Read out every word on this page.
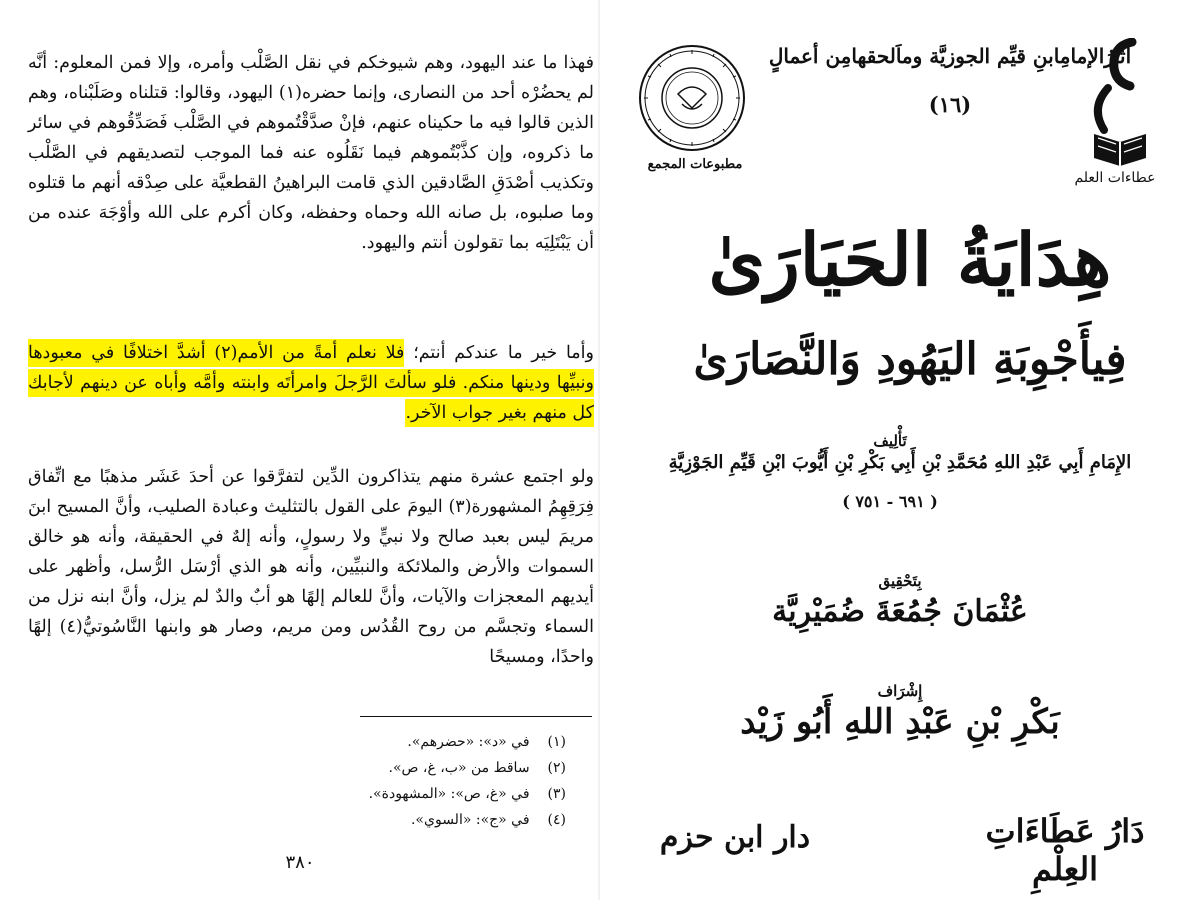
فهذا ما عند اليهود، وهم شيوخكم في نقل الصَّلْب وأمره، وإلا فمن المعلوم: أنَّه لم يحضُرْه أحد من النصارى، وإنما حضره(١) اليهود، وقالوا: قتلناه وصَلَبْناه، وهم الذين قالوا فيه ما حكيناه عنهم، فإنْ صدَّقْتُموهم في الصَّلْب فَصَدِّقُوهم في سائر ما ذكروه، وإن كذَّبْتُموهم فيما نَقَلُوه عنه فما الموجب لتصديقهم في الصَّلْب وتكذيب أصْدَقِ الصَّادقين الذي قامت البراهينُ القطعيَّة على صِدْقه أنهم ما قتلوه وما صلبوه، بل صانه الله وحماه وحفظه، وكان أكرم على الله وأوْجَهَ عنده من أن يَبْتَلِيَه بما تقولون أنتم واليهود.
وأما خير ما عندكم أنتم؛ فلا نعلم أمةً من الأمم(٢) أشدَّ اختلافًا في معبودها ونبيِّها ودينها منكم. فلو سألتَ الرَّجلَ وامرأتَه وابنته وأمَّه وأباه عن دينهم لأجابك كل منهم بغير جواب الآخر.
ولو اجتمع عشرة منهم يتذاكرون الدِّين لتفرَّقوا عن أحدَ عَشَر مذهبًا مع اتِّفاق فِرَقِهِمُ المشهورة(٣) اليومَ على القول بالتثليث وعبادة الصليب، وأنَّ المسيح ابنَ مريمَ ليس بعبد صالح ولا نبيٍّ ولا رسولٍ، وأنه إلهٌ في الحقيقة، وأنه هو خالق السموات والأرض والملائكة والنبيِّين، وأنه هو الذي أرْسَل الرُّسل، وأظهر على أيديهم المعجزات والآيات، وأنَّ للعالم إلهًا هو أبٌ والدٌ لم يزل، وأنَّ ابنه نزل من السماء وتجسَّم من روح القُدُس ومن مريم، وصار هو وابنها النَّاسُوتيُّ(٤) إلهًا واحدًا، ومسيحًا
(١) في «د»: «حضرهم».
(٢) ساقط من «ب، غ، ص».
(٣) في «غ، ص»: «المشهودة».
(٤) في «ج»: «السوي».
٣٨٠
مطبوعات المجمع
آثارُالإمامِابنِ قيِّم الجوزيَّة وماَلحقهامِن أعمالٍ
(١٦)
عطاءات العلم
هِدَايَةُ الحَيَارَىٰ
فِيأَجْوِبَةِ اليَهُودِ وَالنَّصَارَىٰ
تَأْلِيف
الإِمَامِ أَبِي عَبْدِ اللهِ مُحَمَّدِ بْنِ أَبِي بَكْرِ بْنِ أَيُّوبَ ابْنِ قَيِّمِ الجَوْزِيَّةِ
( ٦٩١ - ٧٥١ )
بِتَحْقِيق
عُثْمَانَ جُمُعَةَ ضُمَيْرِيَّة
إِشْرَاف
بَكْرِ بْنِ عَبْدِ اللهِ أَبُو زَيْد
دَارُ عَطَاءَاتِ العِلْمِ
دار ابن حزم
